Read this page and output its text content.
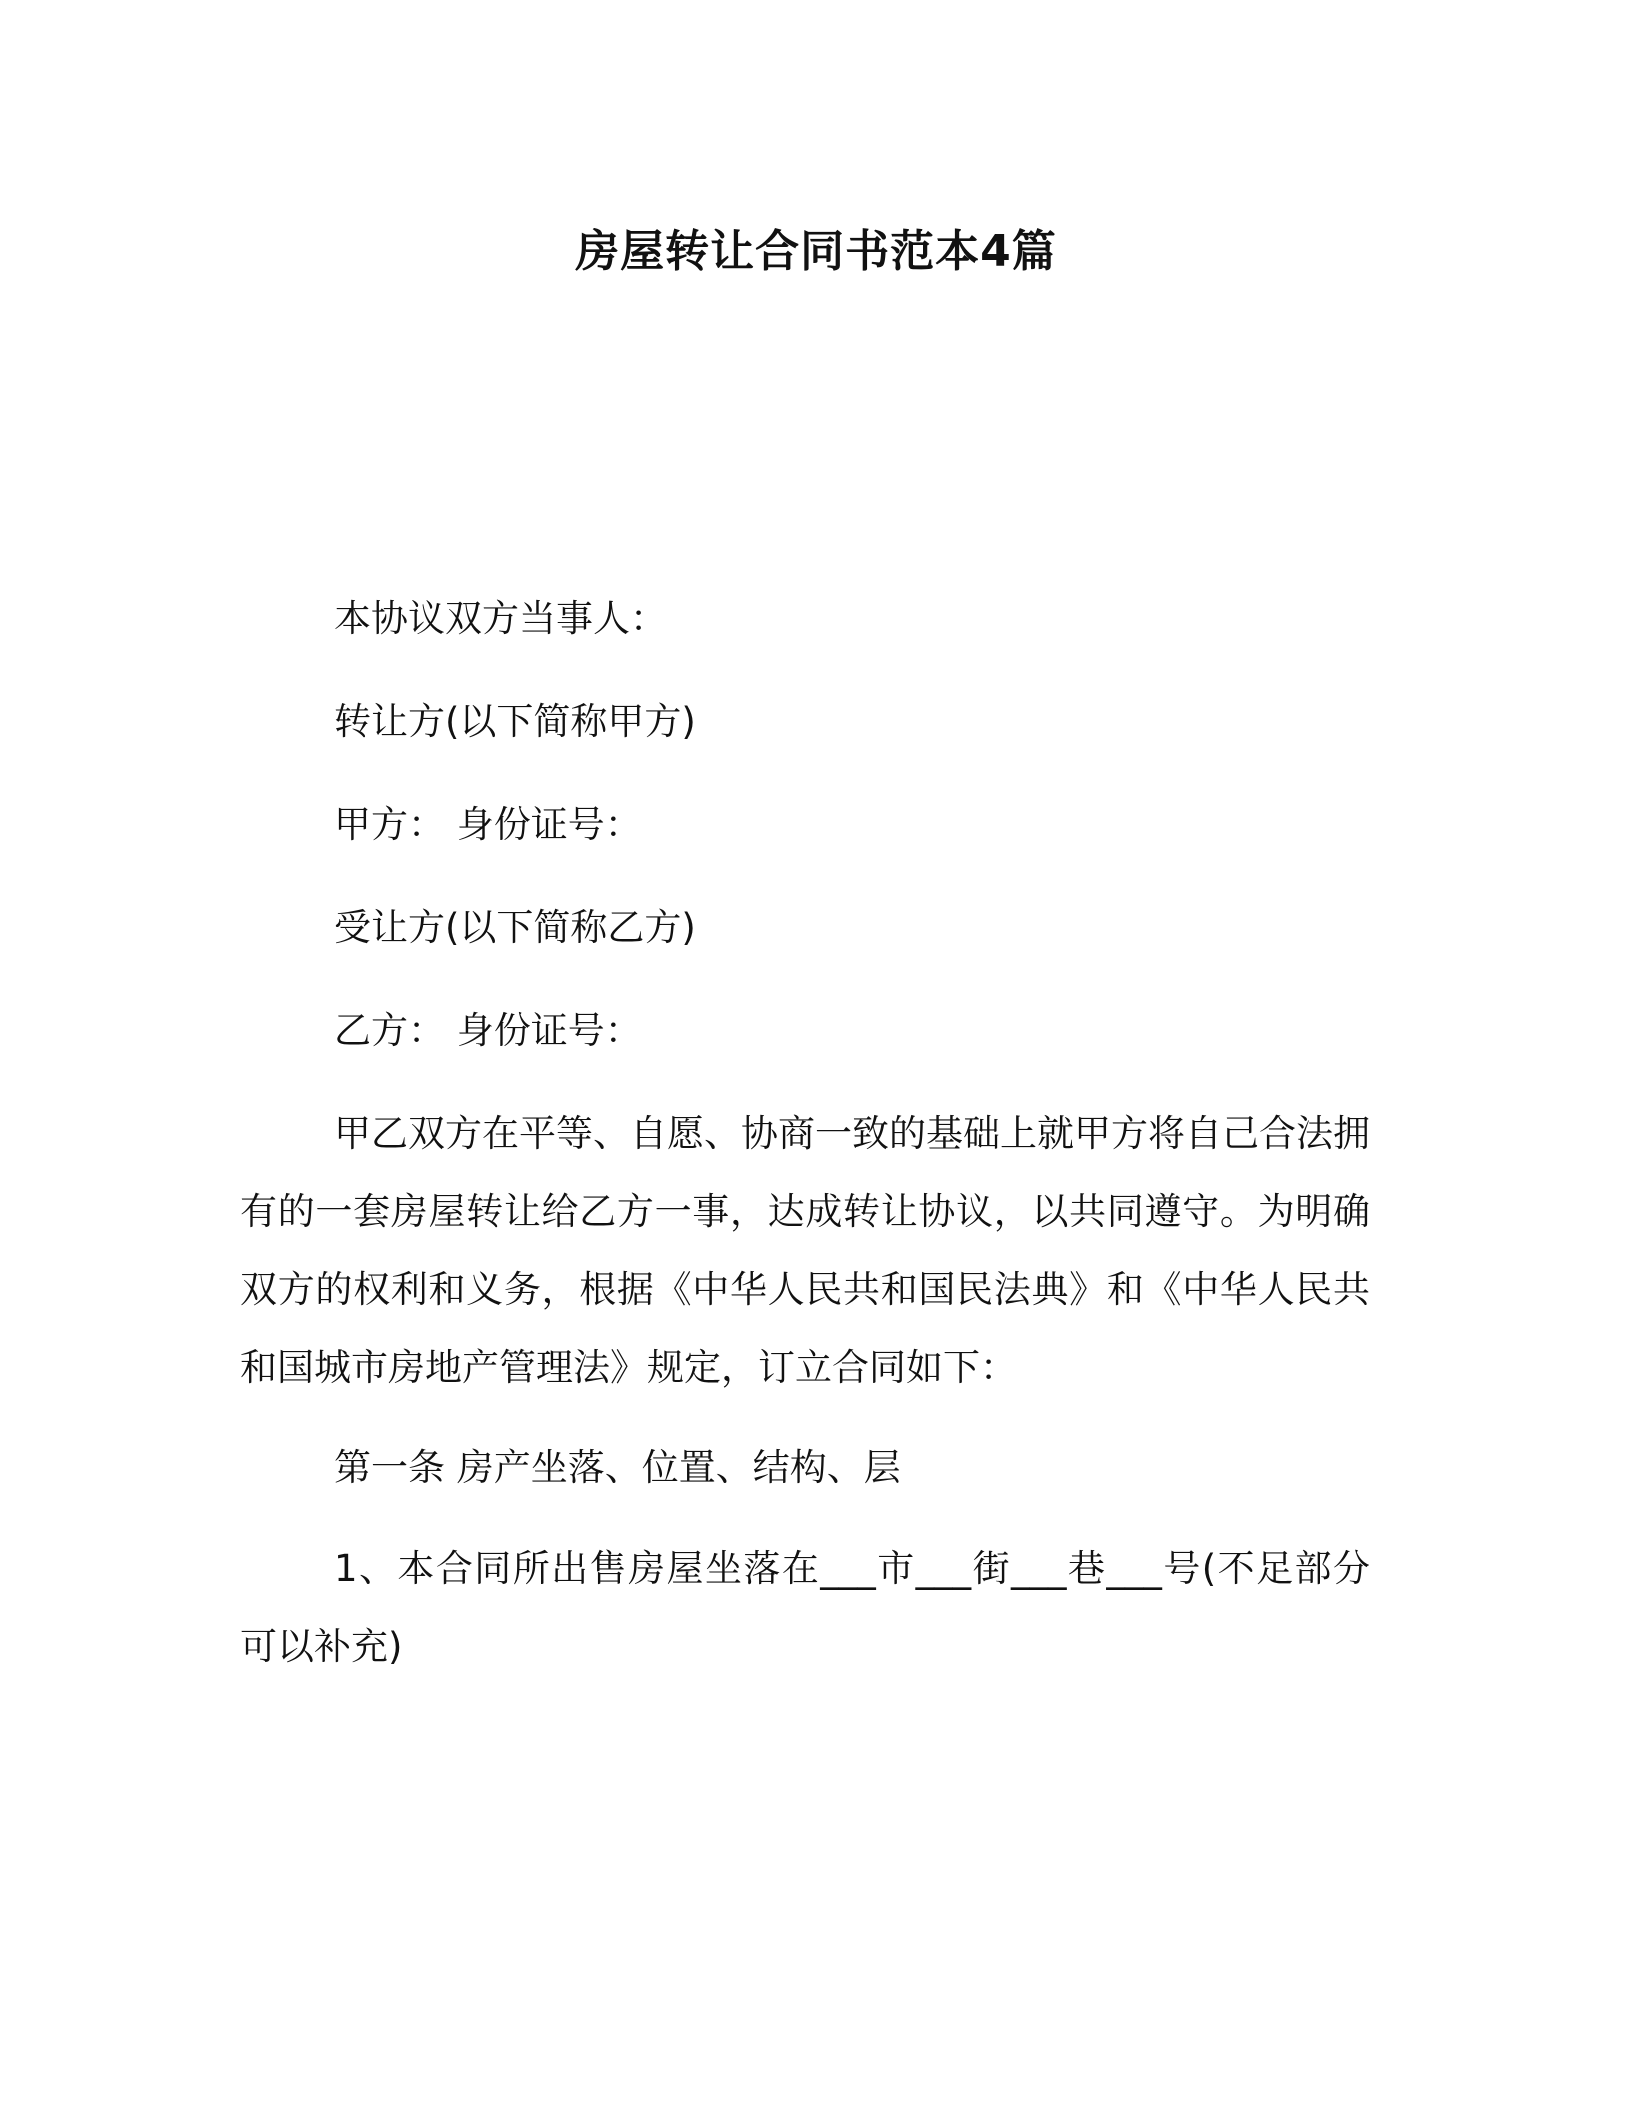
房屋转让合同书范本4篇

本协议双方当事人：

转让方(以下简称甲方)

甲方： 身份证号：

受让方(以下简称乙方)

乙方： 身份证号：

甲乙双方在平等、自愿、协商一致的基础上就甲方将自己合法拥有的一套房屋转让给乙方一事，达成转让协议，以共同遵守。为明确双方的权利和义务，根据《中华人民共和国民法典》和《中华人民共和国城市房地产管理法》规定，订立合同如下：

第一条 房产坐落、位置、结构、层

1、本合同所出售房屋坐落在___市___街___巷___号(不足部分可以补充)
